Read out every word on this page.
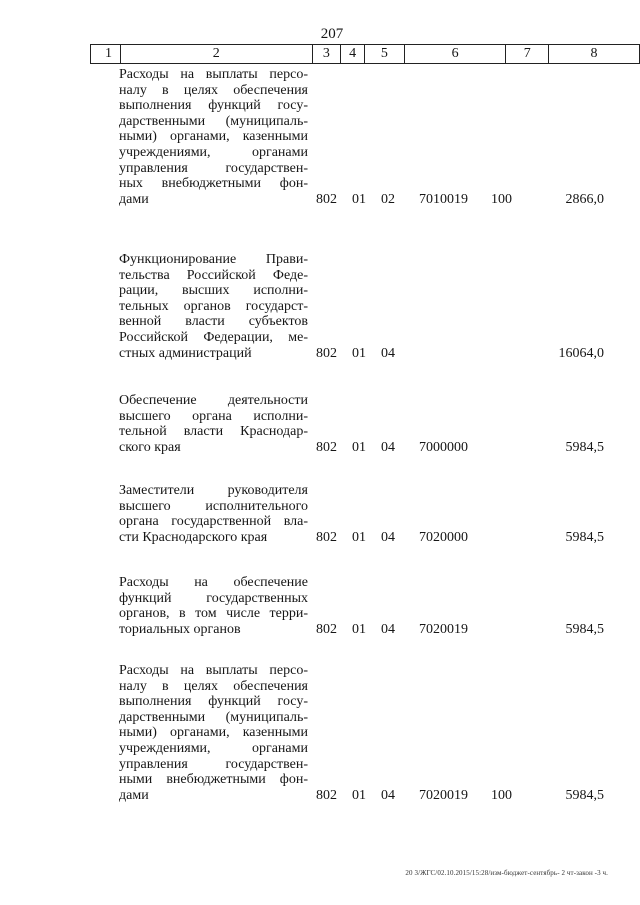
207
1	2	3	4	5	6	7	8
Расходы на выплаты персо-
налу в целях обеспечения
выполнения функций госу-
дарственными (муниципаль-
ными) органами, казенными
учреждениями, органами
управления государствен-
ных внебюджетными фон-
дами	802 01 02 7010019 100	2866,0
Функционирование Прави-
тельства Российской Феде-
рации, высших исполни-
тельных органов государст-
венной власти субъектов
Российской Федерации, ме-
стных администраций	802 01 04	16064,0
Обеспечение деятельности
высшего органа исполни-
тельной власти Краснодар-
ского края	802 01 04 7000000	5984,5
Заместители руководителя
высшего исполнительного
органа государственной вла-
сти Краснодарского края	802 01 04 7020000	5984,5
Расходы на обеспечение
функций государственных
органов, в том числе терри-
ториальных органов	802 01 04 7020019	5984,5
Расходы на выплаты персо-
налу в целях обеспечения
выполнения функций госу-
дарственными (муниципаль-
ными) органами, казенными
учреждениями, органами
управления государствен-
ными внебюджетными фон-
дами	802 01 04 7020019 100	5984,5
20 3/ЖГС/02.10.2015/15:28/изм-бюджет-сентябрь- 2 чт-закон -3 ч.
